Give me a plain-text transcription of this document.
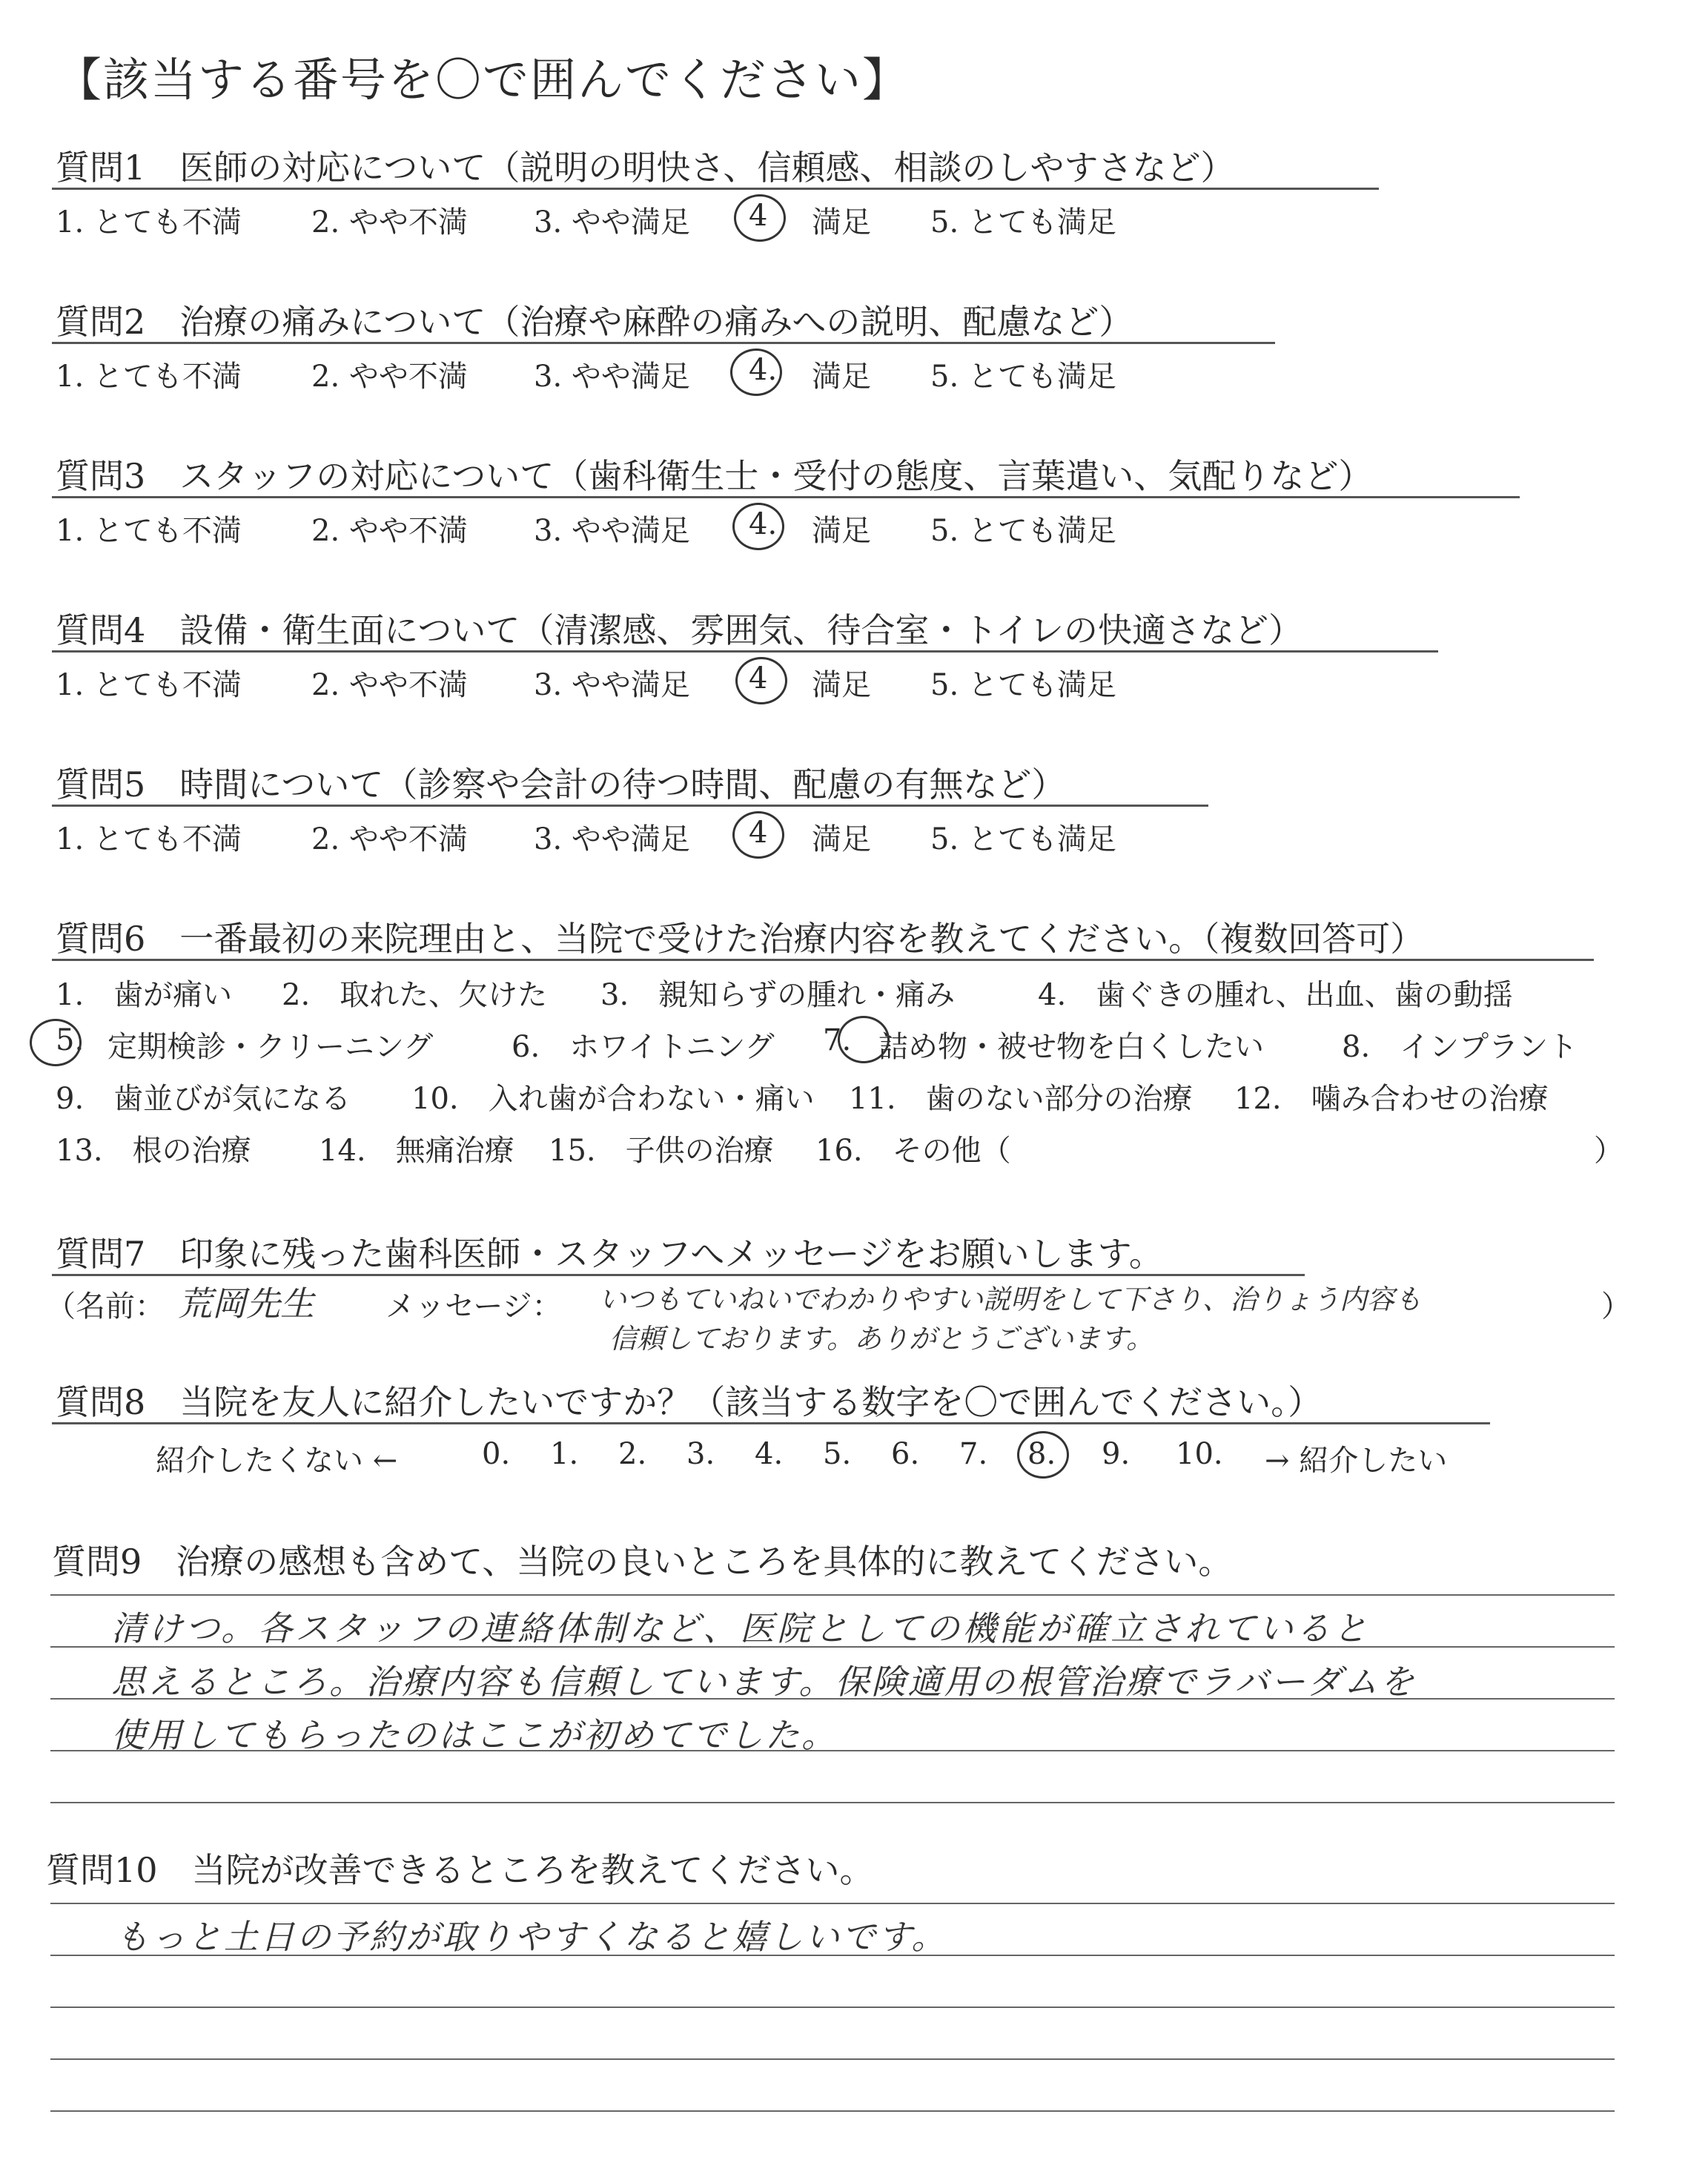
【該当する番号を〇で囲んでください】
質問1　医師の対応について（説明の明快さ、信頼感、相談のしやすさなど）
1. とても不満	2. やや不満	3. やや満足	4	満足	5. とても満足
質問2　治療の痛みについて（治療や麻酔の痛みへの説明、配慮など）
1. とても不満	2. やや不満	3. やや満足	4.	満足	5. とても満足
質問3　スタッフの対応について（歯科衛生士・受付の態度、言葉遣い、気配りなど）
1. とても不満	2. やや不満	3. やや満足	4.	満足	5. とても満足
質問4　設備・衛生面について（清潔感、雰囲気、待合室・トイレの快適さなど）
1. とても不満	2. やや不満	3. やや満足	4	満足	5. とても満足
質問5　時間について（診察や会計の待つ時間、配慮の有無など）
1. とても不満	2. やや不満	3. やや満足	4	満足	5. とても満足
質問6　一番最初の来院理由と、当院で受けた治療内容を教えてください。（複数回答可）
1.　歯が痛い	2.　取れた、欠けた	3.　親知らずの腫れ・痛み	4.　歯ぐきの腫れ、出血、歯の動揺
5. 定期検診・クリーニング	6.　ホワイトニング	7. 詰め物・被せ物を白くしたい	8.　インプラント
9.　歯並びが気になる	10.　入れ歯が合わない・痛い	11.　歯のない部分の治療	12.　噛み合わせの治療
13.　根の治療	14.　無痛治療	15.　子供の治療	16.　その他（	）
質問7　印象に残った歯科医師・スタッフへメッセージをお願いします。
（名前： 荒岡先生 メッセージ： いつもていねいでわかりやすい説明をして下さり、治りょう内容も
信頼しております。ありがとうございます。
）
質問8　当院を友人に紹介したいですか？（該当する数字を〇で囲んでください。）
紹介したくない ←	0.	1.	2.	3.	4.	5.	6.	7.	8.	9.	10.	→ 紹介したい
質問9　治療の感想も含めて、当院の良いところを具体的に教えてください。
清けつ。各スタッフの連絡体制など、医院としての機能が確立されていると
思えるところ。治療内容も信頼しています。保険適用の根管治療でラバーダムを
使用してもらったのはここが初めてでした。
質問10　当院が改善できるところを教えてください。
もっと土日の予約が取りやすくなると嬉しいです。
